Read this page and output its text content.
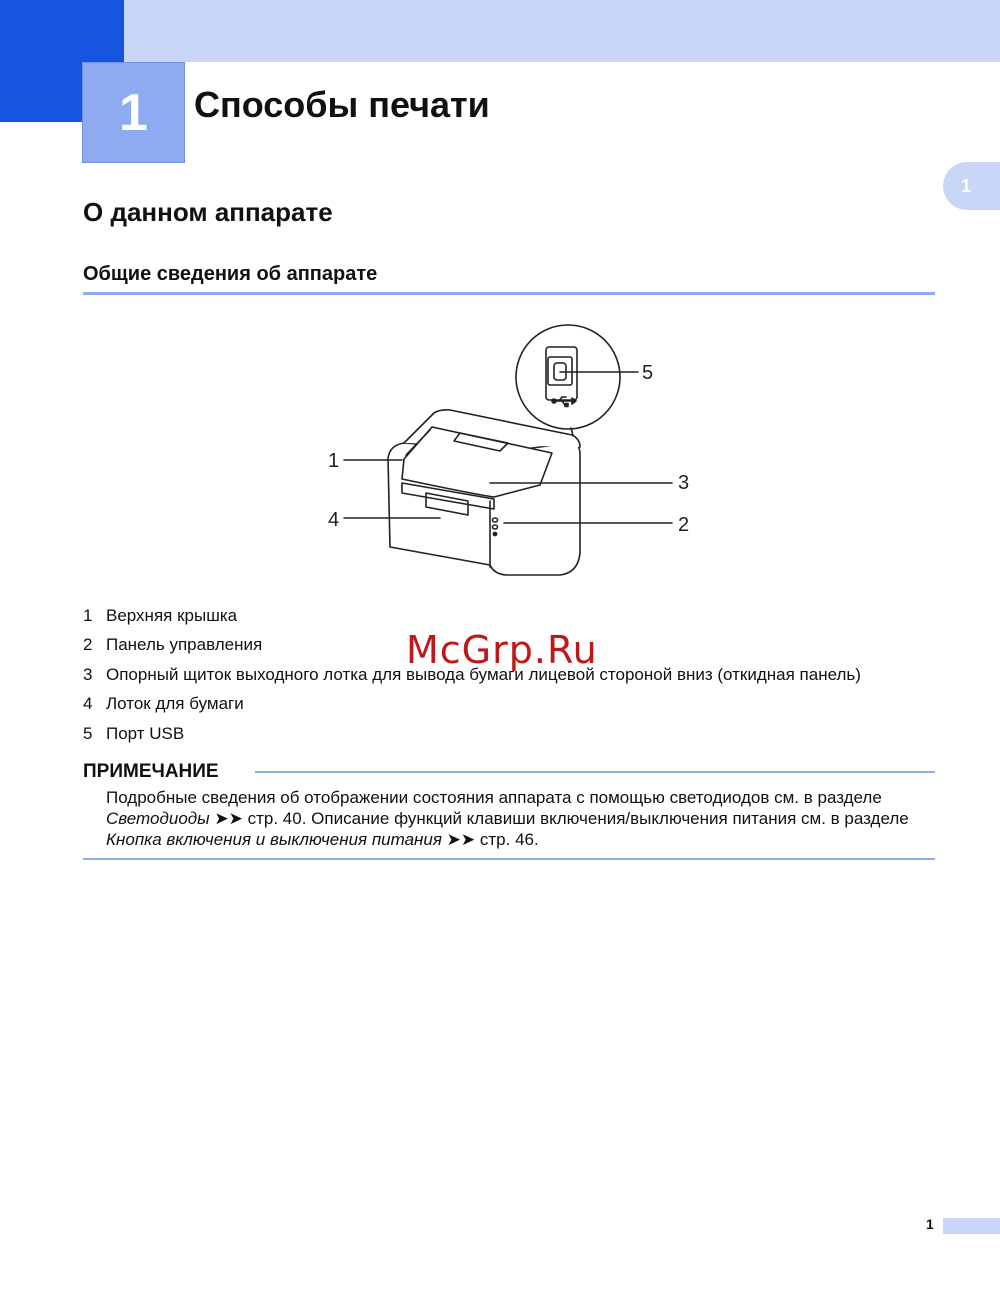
1 Способы печати
1
О данном аппарате
Общие сведения об аппарате
1
2
3
4
5
1 Верхняя крышка
2 Панель управления
3 Опорный щиток выходного лотка для вывода бумаги лицевой стороной вниз (откидная панель)
4 Лоток для бумаги
5 Порт USB
McGrp.Ru
ПРИМЕЧАНИЕ
Подробные сведения об отображении состояния аппарата с помощью светодиодов см. в разделе Светодиоды ➤➤ стр. 40. Описание функций клавиши включения/выключения питания см. в разделе Кнопка включения и выключения питания ➤➤ стр. 46.
1
